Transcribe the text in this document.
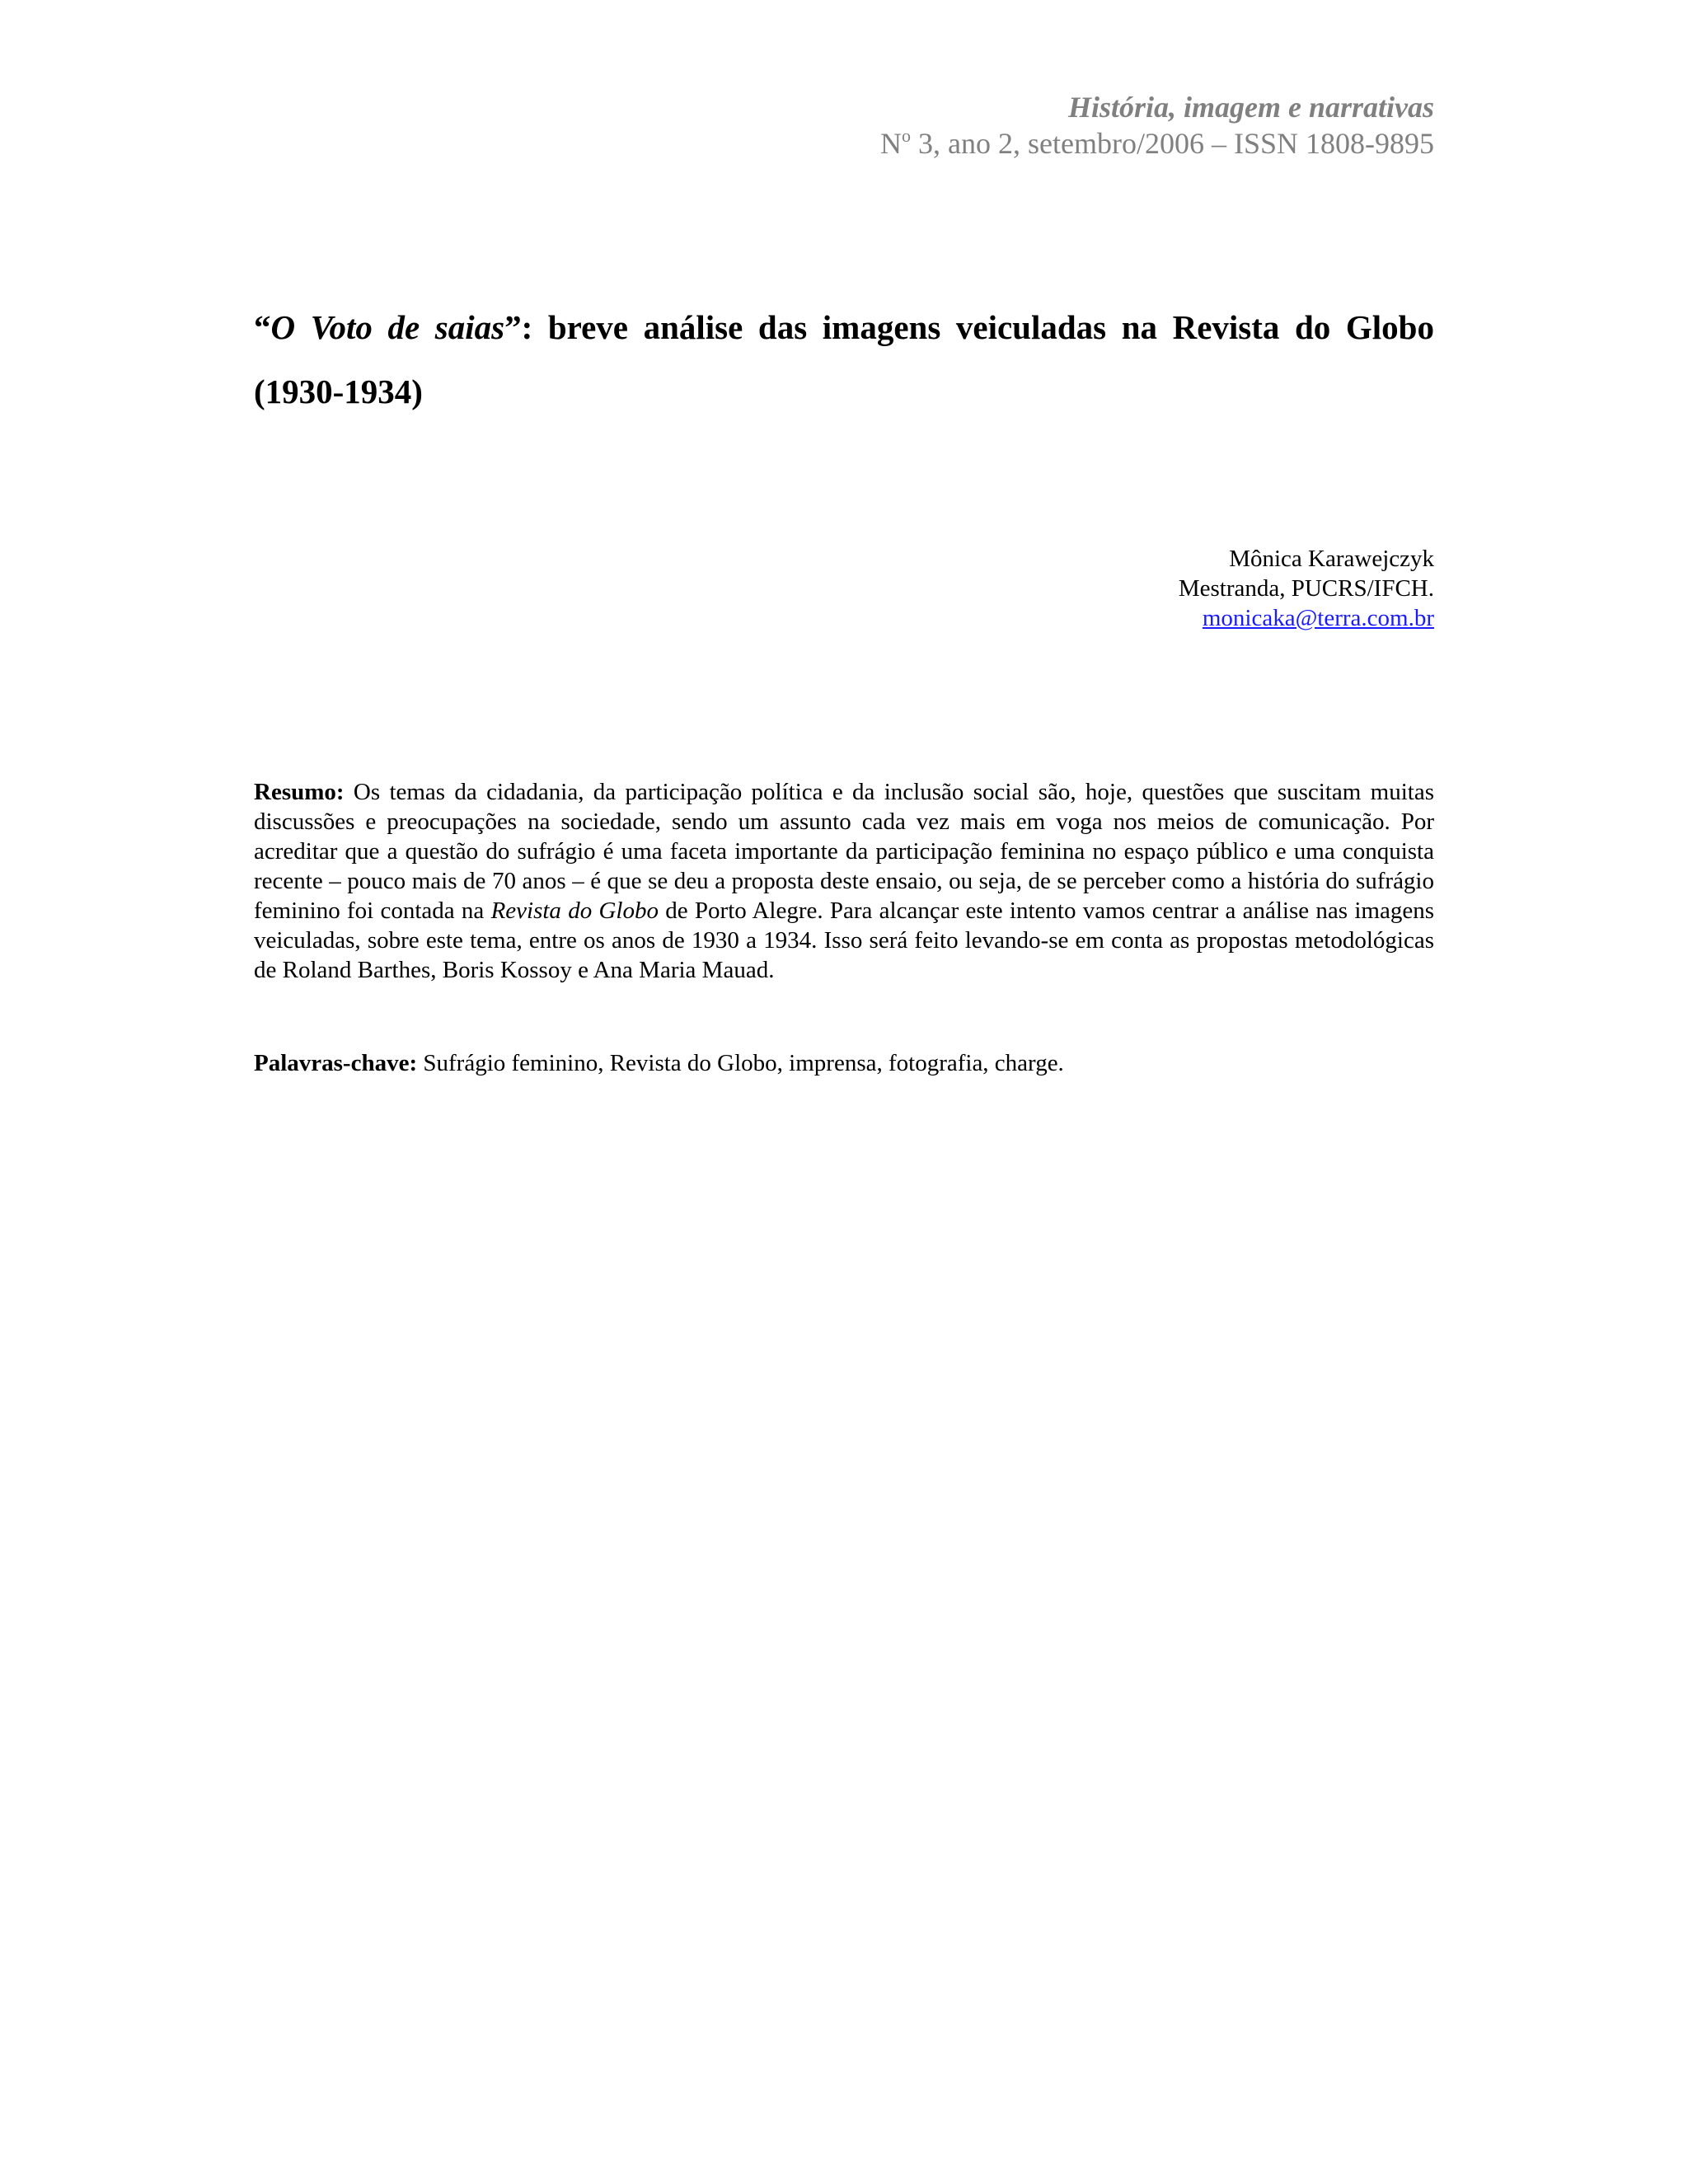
História, imagem e narrativas
$N^o$ 3, ano 2, setembro/2006 – ISSN 1808-9895
“O Voto de saias”: breve análise das imagens veiculadas na Revista do Globo (1930-1934)
Mônica Karawejczyk
Mestranda, PUCRS/IFCH.
monicaka@terra.com.br
Resumo: Os temas da cidadania, da participação política e da inclusão social são, hoje, questões que suscitam muitas discussões e preocupações na sociedade, sendo um assunto cada vez mais em voga nos meios de comunicação. Por acreditar que a questão do sufrágio é uma faceta importante da participação feminina no espaço público e uma conquista recente – pouco mais de 70 anos – é que se deu a proposta deste ensaio, ou seja, de se perceber como a história do sufrágio feminino foi contada na Revista do Globo de Porto Alegre. Para alcançar este intento vamos centrar a análise nas imagens veiculadas, sobre este tema, entre os anos de 1930 a 1934. Isso será feito levando-se em conta as propostas metodológicas de Roland Barthes, Boris Kossoy e Ana Maria Mauad.
Palavras-chave: Sufrágio feminino, Revista do Globo, imprensa, fotografia, charge.
